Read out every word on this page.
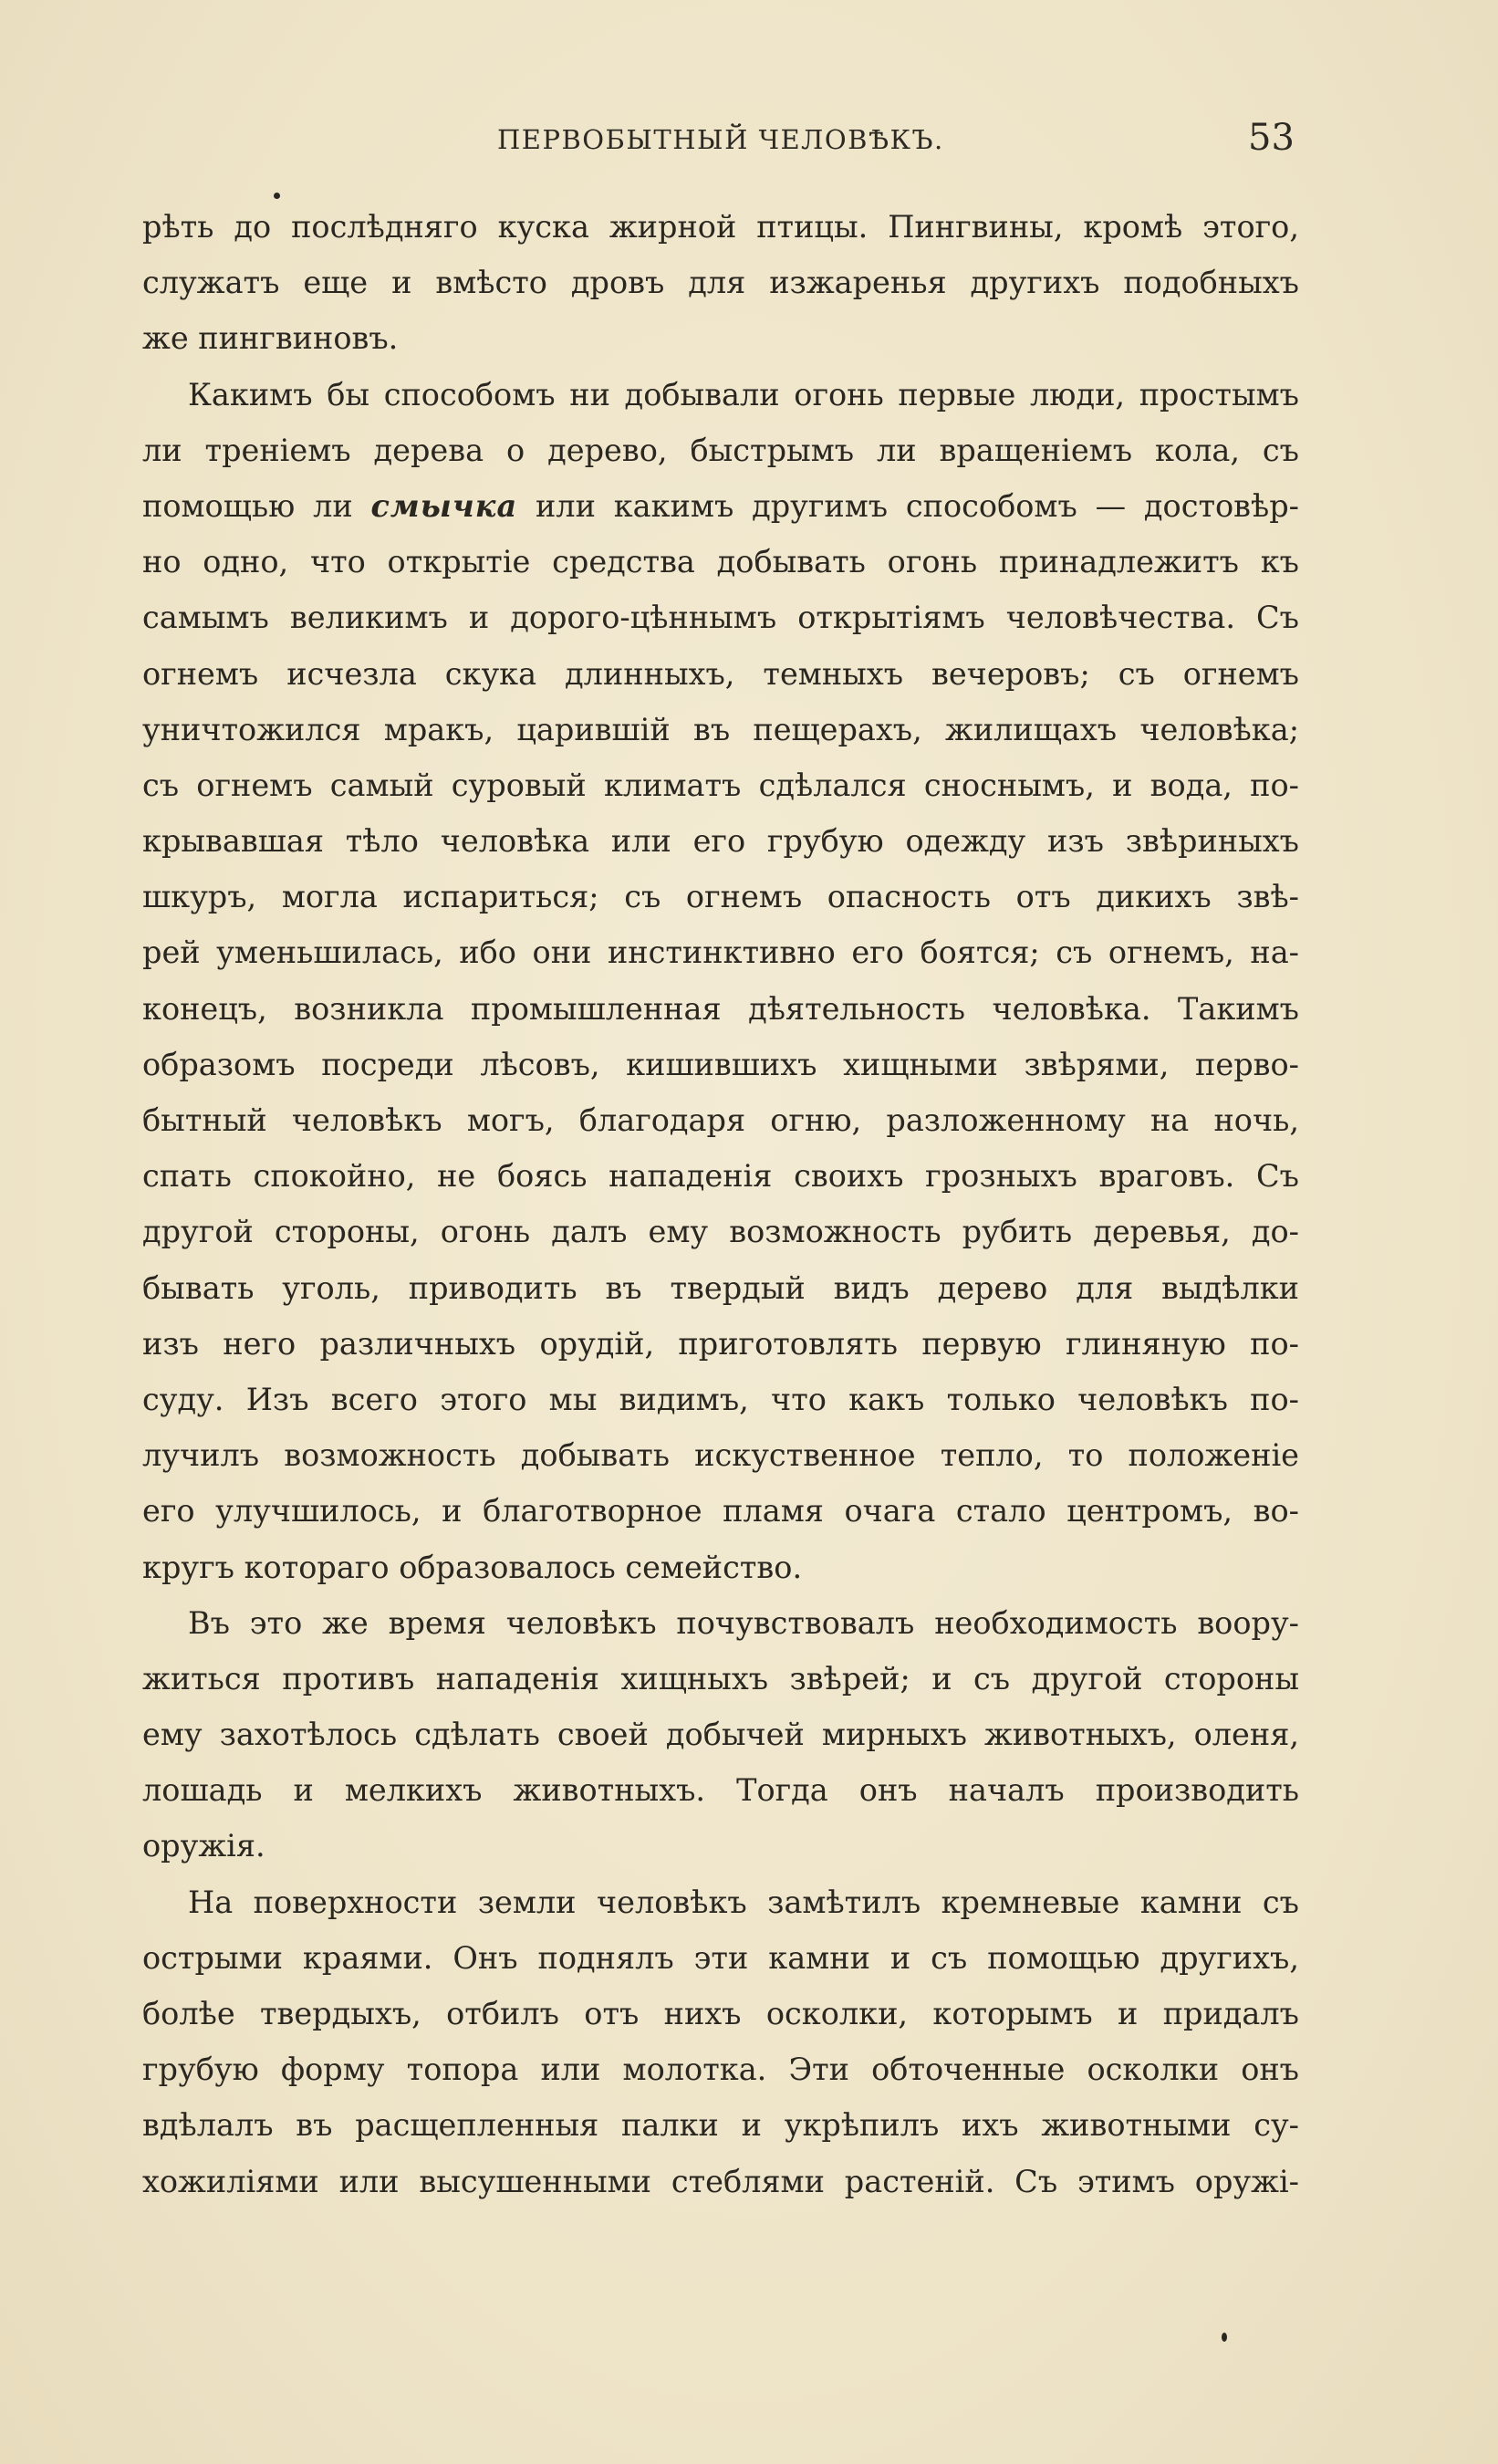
ПЕРВОБЫТНЫЙ ЧЕЛОВѢКЪ.	53
рѣть до послѣдняго куска жирной птицы. Пингвины, кромѣ этого,
служатъ еще и вмѣсто дровъ для изжаренья другихъ подобныхъ
же пингвиновъ.
Какимъ бы способомъ ни добывали огонь первые люди, простымъ
ли треніемъ дерева о дерево, быстрымъ ли вращеніемъ кола, съ
помощью ли смычка или какимъ другимъ способомъ — достовѣр-
но одно, что открытіе средства добывать огонь принадлежитъ къ
самымъ великимъ и дорого-цѣннымъ открытіямъ человѣчества. Съ
огнемъ исчезла скука длинныхъ, темныхъ вечеровъ; съ огнемъ
уничтожился мракъ, царившій въ пещерахъ, жилищахъ человѣка;
съ огнемъ самый суровый климатъ сдѣлался сноснымъ, и вода, по-
крывавшая тѣло человѣка или его грубую одежду изъ звѣриныхъ
шкуръ, могла испариться; съ огнемъ опасность отъ дикихъ звѣ-
рей уменьшилась, ибо они инстинктивно его боятся; съ огнемъ, на-
конецъ, возникла промышленная дѣятельность человѣка. Такимъ
образомъ посреди лѣсовъ, кишившихъ хищными звѣрями, перво-
бытный человѣкъ могъ, благодаря огню, разложенному на ночь,
спать спокойно, не боясь нападенія своихъ грозныхъ враговъ. Съ
другой стороны, огонь далъ ему возможность рубить деревья, до-
бывать уголь, приводить въ твердый видъ дерево для выдѣлки
изъ него различныхъ орудій, приготовлять первую глиняную по-
суду. Изъ всего этого мы видимъ, что какъ только человѣкъ по-
лучилъ возможность добывать искуственное тепло, то положеніе
его улучшилось, и благотворное пламя очага стало центромъ, во-
кругъ котораго образовалось семейство.
Въ это же время человѣкъ почувствовалъ необходимость воору-
житься противъ нападенія хищныхъ звѣрей; и съ другой стороны
ему захотѣлось сдѣлать своей добычей мирныхъ животныхъ, оленя,
лошадь и мелкихъ животныхъ. Тогда онъ началъ производить
оружія.
На поверхности земли человѣкъ замѣтилъ кремневые камни съ
острыми краями. Онъ поднялъ эти камни и съ помощью другихъ,
болѣе твердыхъ, отбилъ отъ нихъ осколки, которымъ и придалъ
грубую форму топора или молотка. Эти обточенные осколки онъ
вдѣлалъ въ расщепленныя палки и укрѣпилъ ихъ животными су-
хожиліями или высушенными стеблями растеній. Съ этимъ оружі-
